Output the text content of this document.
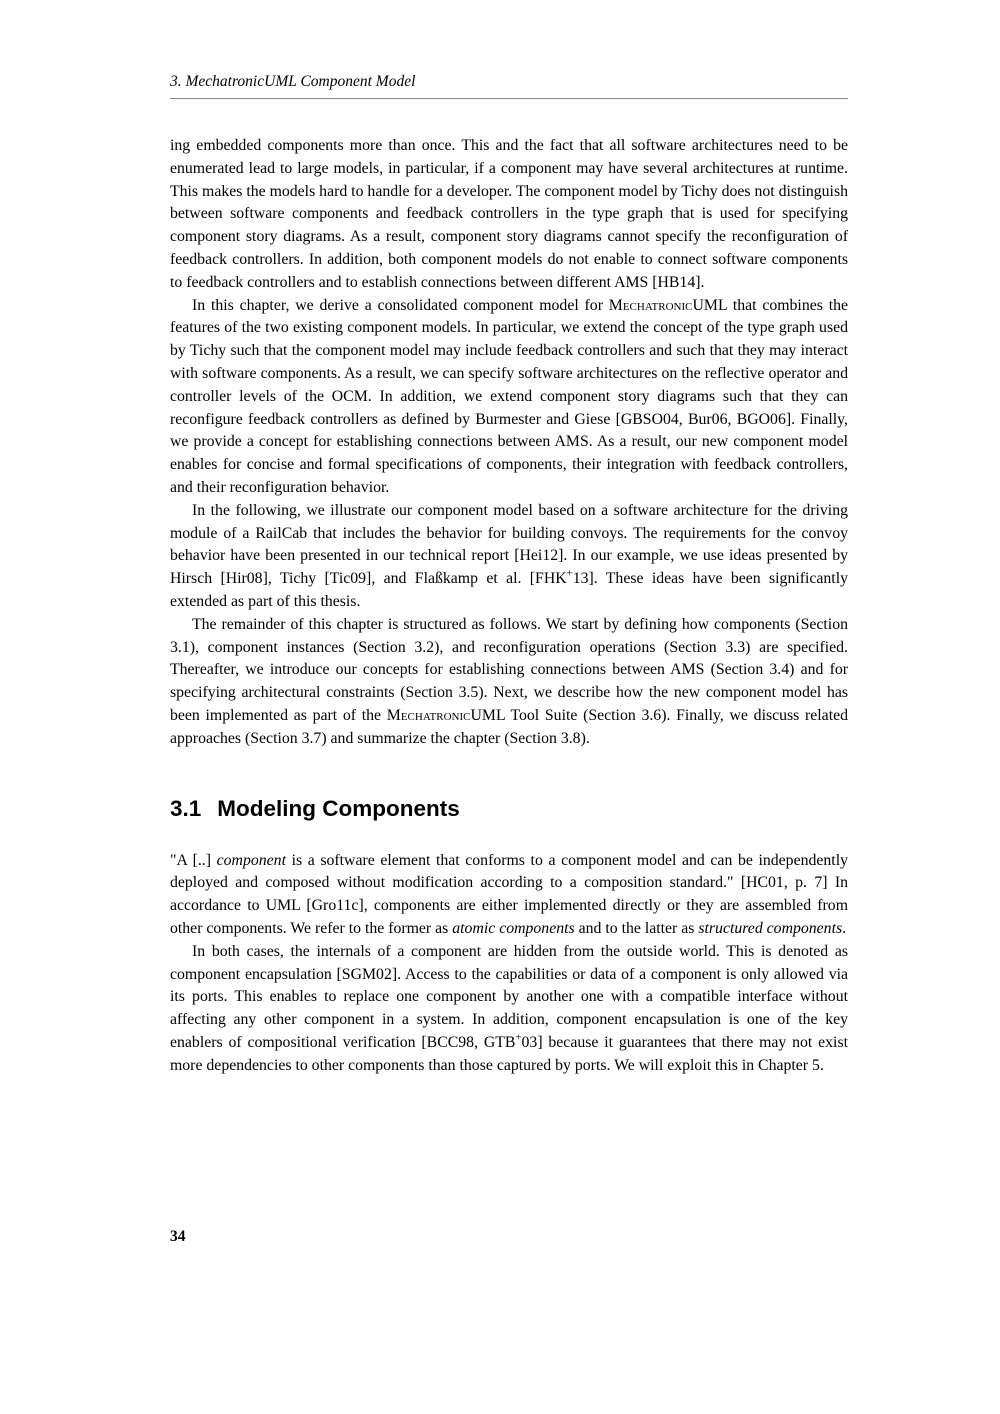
3. MechatronicUML Component Model

ing embedded components more than once. This and the fact that all software architectures need to be enumerated lead to large models, in particular, if a component may have several architectures at runtime. This makes the models hard to handle for a developer. The component model by Tichy does not distinguish between software components and feedback controllers in the type graph that is used for specifying component story diagrams. As a result, component story diagrams cannot specify the reconfiguration of feedback controllers. In addition, both component models do not enable to connect software components to feedback controllers and to establish connections between different AMS [HB14].

In this chapter, we derive a consolidated component model for MechatronicUML that combines the features of the two existing component models. In particular, we extend the concept of the type graph used by Tichy such that the component model may include feedback controllers and such that they may interact with software components. As a result, we can specify software architectures on the reflective operator and controller levels of the OCM. In addition, we extend component story diagrams such that they can reconfigure feedback controllers as defined by Burmester and Giese [GBSO04, Bur06, BGO06]. Finally, we provide a concept for establishing connections between AMS. As a result, our new component model enables for concise and formal specifications of components, their integration with feedback controllers, and their reconfiguration behavior.

In the following, we illustrate our component model based on a software architecture for the driving module of a RailCab that includes the behavior for building convoys. The requirements for the convoy behavior have been presented in our technical report [Hei12]. In our example, we use ideas presented by Hirsch [Hir08], Tichy [Tic09], and Flaßkamp et al. [FHK+13]. These ideas have been significantly extended as part of this thesis.

The remainder of this chapter is structured as follows. We start by defining how components (Section 3.1), component instances (Section 3.2), and reconfiguration operations (Section 3.3) are specified. Thereafter, we introduce our concepts for establishing connections between AMS (Section 3.4) and for specifying architectural constraints (Section 3.5). Next, we describe how the new component model has been implemented as part of the MechatronicUML Tool Suite (Section 3.6). Finally, we discuss related approaches (Section 3.7) and summarize the chapter (Section 3.8).

3.1 Modeling Components

"A [..] component is a software element that conforms to a component model and can be independently deployed and composed without modification according to a composition standard." [HC01, p. 7] In accordance to UML [Gro11c], components are either implemented directly or they are assembled from other components. We refer to the former as atomic components and to the latter as structured components.

In both cases, the internals of a component are hidden from the outside world. This is denoted as component encapsulation [SGM02]. Access to the capabilities or data of a component is only allowed via its ports. This enables to replace one component by another one with a compatible interface without affecting any other component in a system. In addition, component encapsulation is one of the key enablers of compositional verification [BCC98, GTB+03] because it guarantees that there may not exist more dependencies to other components than those captured by ports. We will exploit this in Chapter 5.

34
